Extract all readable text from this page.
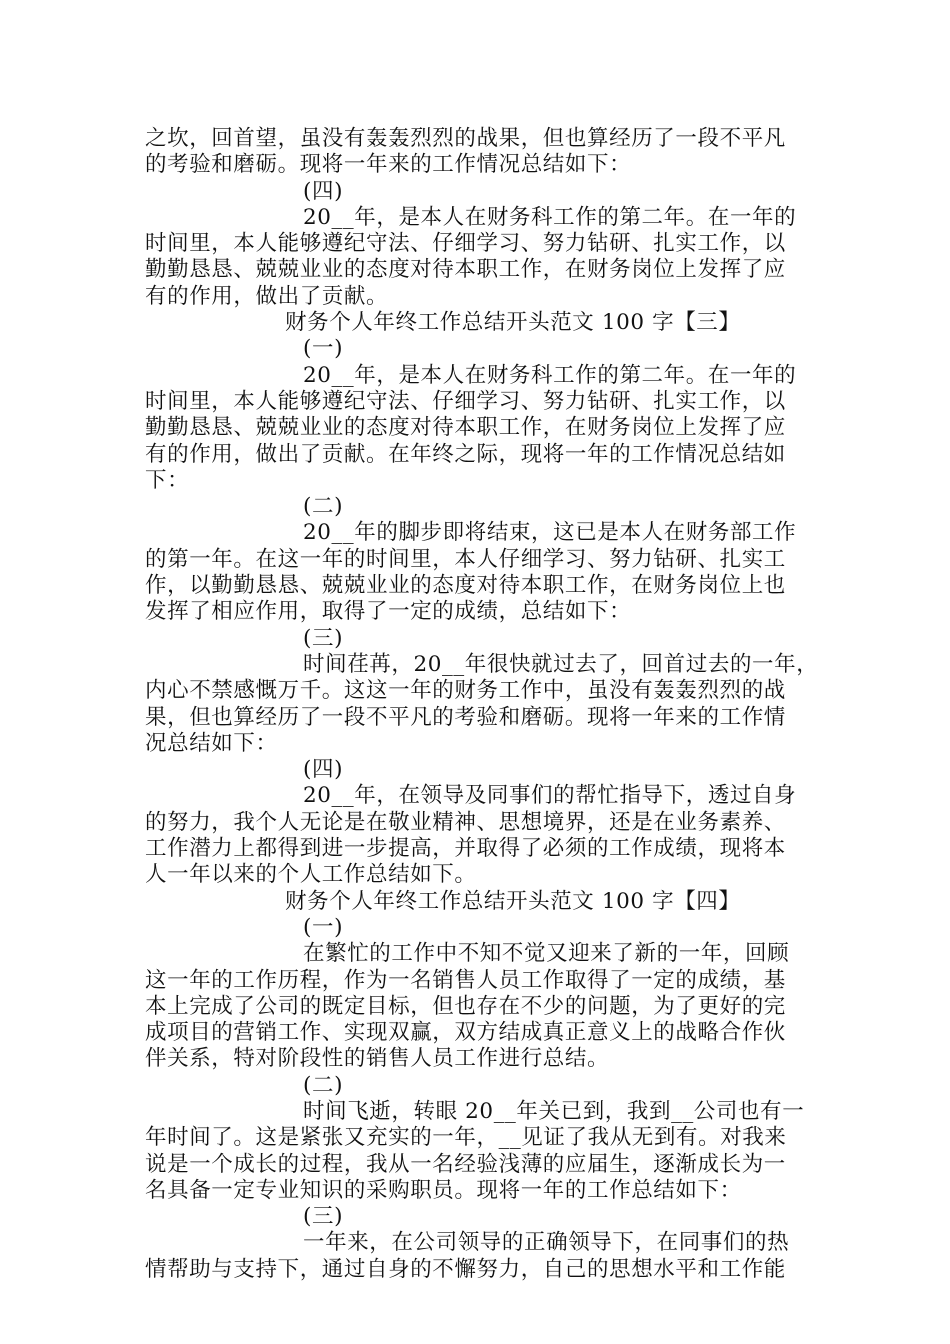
之坎，回首望，虽没有轰轰烈烈的战果，但也算经历了一段不平凡
的考验和磨砺。现将一年来的工作情况总结如下：
(四)
20__年，是本人在财务科工作的第二年。在一年的
时间里，本人能够遵纪守法、仔细学习、努力钻研、扎实工作，以
勤勤恳恳、兢兢业业的态度对待本职工作，在财务岗位上发挥了应
有的作用，做出了贡献。
财务个人年终工作总结开头范文 100 字【三】
(一)
20__年，是本人在财务科工作的第二年。在一年的
时间里，本人能够遵纪守法、仔细学习、努力钻研、扎实工作，以
勤勤恳恳、兢兢业业的态度对待本职工作，在财务岗位上发挥了应
有的作用，做出了贡献。在年终之际，现将一年的工作情况总结如
下：
(二)
20__年的脚步即将结束，这已是本人在财务部工作
的第一年。在这一年的时间里，本人仔细学习、努力钻研、扎实工
作，以勤勤恳恳、兢兢业业的态度对待本职工作，在财务岗位上也
发挥了相应作用，取得了一定的成绩，总结如下：
(三)
时间荏苒，20__年很快就过去了，回首过去的一年，
内心不禁感慨万千。这这一年的财务工作中，虽没有轰轰烈烈的战
果，但也算经历了一段不平凡的考验和磨砺。现将一年来的工作情
况总结如下：
(四)
20__年，在领导及同事们的帮忙指导下，透过自身
的努力，我个人无论是在敬业精神、思想境界，还是在业务素养、
工作潜力上都得到进一步提高，并取得了必须的工作成绩，现将本
人一年以来的个人工作总结如下。
财务个人年终工作总结开头范文 100 字【四】
(一)
在繁忙的工作中不知不觉又迎来了新的一年，回顾
这一年的工作历程，作为一名销售人员工作取得了一定的成绩，基
本上完成了公司的既定目标，但也存在不少的问题，为了更好的完
成项目的营销工作、实现双赢，双方结成真正意义上的战略合作伙
伴关系，特对阶段性的销售人员工作进行总结。
(二)
时间飞逝，转眼 20__年关已到，我到__公司也有一
年时间了。这是紧张又充实的一年，__见证了我从无到有。对我来
说是一个成长的过程，我从一名经验浅薄的应届生，逐渐成长为一
名具备一定专业知识的采购职员。现将一年的工作总结如下：
(三)
一年来，在公司领导的正确领导下，在同事们的热
情帮助与支持下，通过自身的不懈努力，自己的思想水平和工作能
